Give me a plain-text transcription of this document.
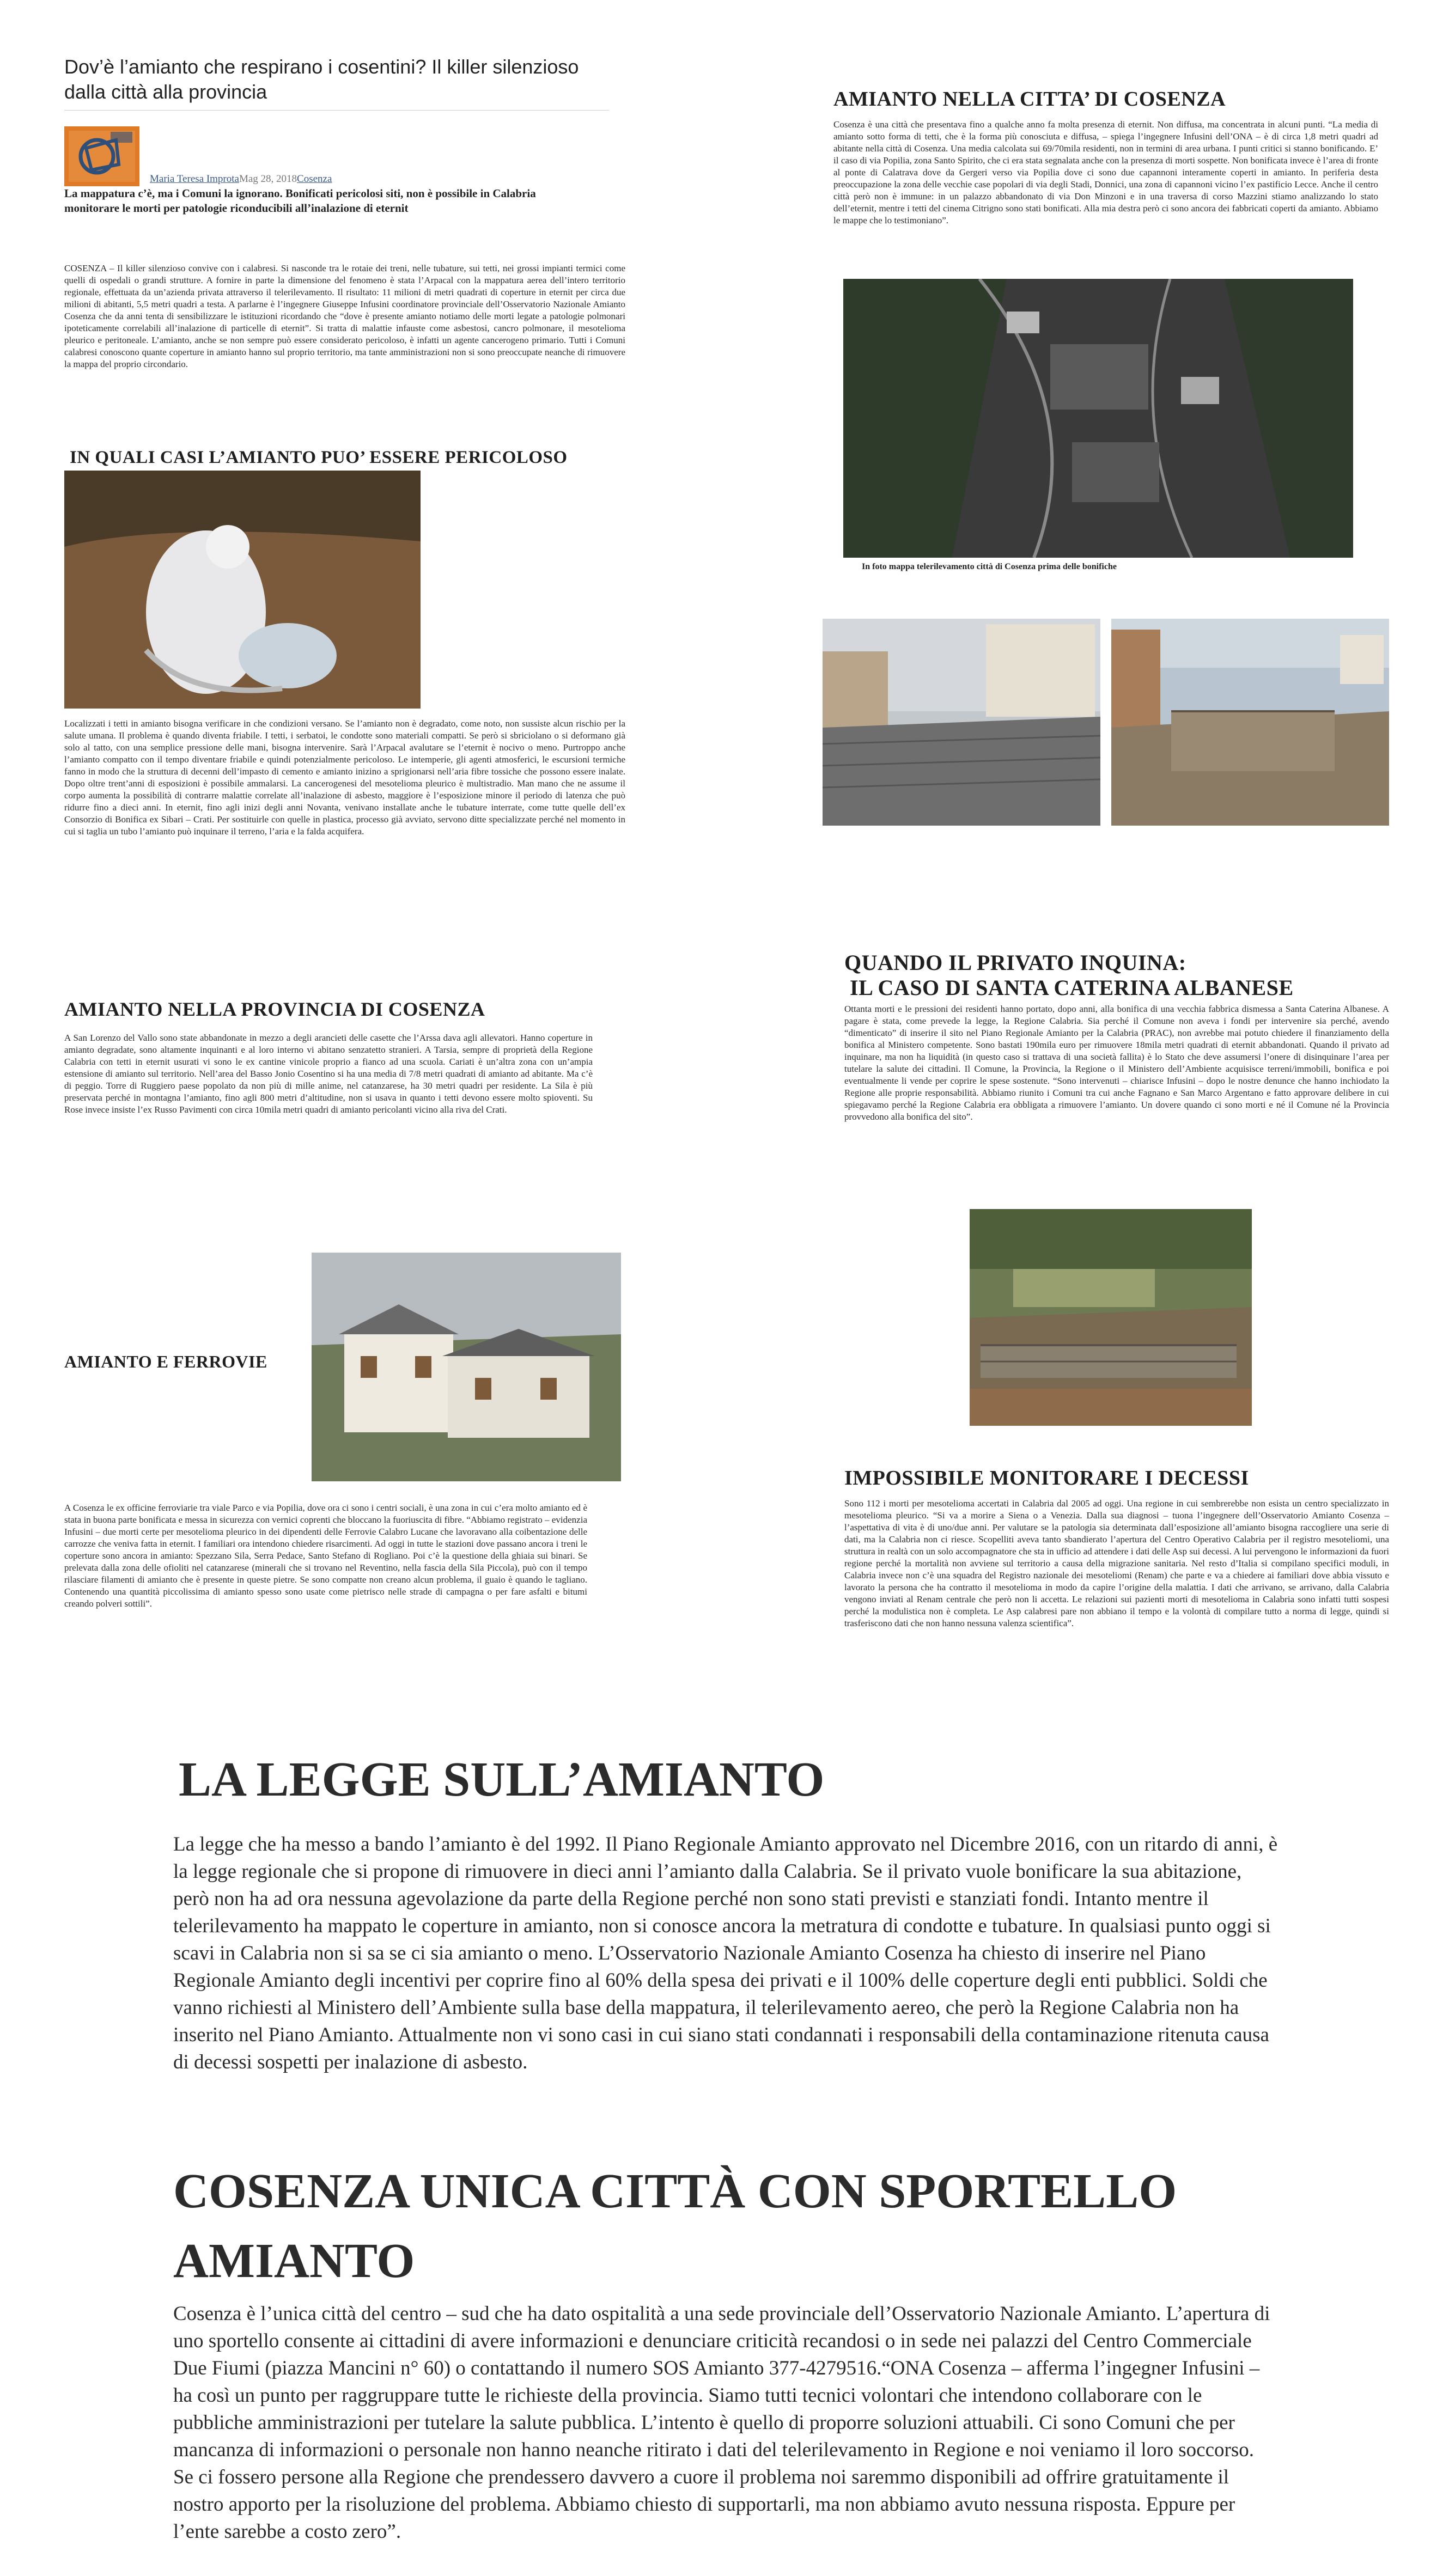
Dov’è l’amianto che respirano i cosentini? Il killer silenzioso dalla città alla provincia
Maria Teresa ImprotaMag 28, 2018Cosenza

La mappatura c’è, ma i Comuni la ignorano. Bonificati pericolosi siti, non è possibile in Calabria monitorare le morti per patologie riconducibili all’inalazione di eternit

COSENZA – Il killer silenzioso convive con i calabresi. Si nasconde tra le rotaie dei treni, nelle tubature, sui tetti, nei grossi impianti termici come quelli di ospedali o grandi strutture. A fornire in parte la dimensione del fenomeno è stata l’Arpacal con la mappatura aerea dell’intero territorio regionale, effettuata da un’azienda privata attraverso il telerilevamento. Il risultato: 11 milioni di metri quadrati di coperture in eternit per circa due milioni di abitanti, 5,5 metri quadri a testa. A parlarne è l’ingegnere Giuseppe Infusini coordinatore provinciale dell’Osservatorio Nazionale Amianto Cosenza che da anni tenta di sensibilizzare le istituzioni ricordando che “dove è presente amianto notiamo delle morti legate a patologie polmonari ipoteticamente correlabili all’inalazione di particelle di eternit”. Si tratta di malattie infauste come asbestosi, cancro polmonare, il mesotelioma pleurico e peritoneale. L’amianto, anche se non sempre può essere considerato pericoloso, è infatti un agente cancerogeno primario. Tutti i Comuni calabresi conoscono quante coperture in amianto hanno sul proprio territorio, ma tante amministrazioni non si sono preoccupate neanche di rimuovere la mappa del proprio circondario.

IN QUALI CASI L’AMIANTO PUO’ ESSERE PERICOLOSO

Localizzati i tetti in amianto bisogna verificare in che condizioni versano. Se l’amianto non è degradato, come noto, non sussiste alcun rischio per la salute umana. Il problema è quando diventa friabile. I tetti, i serbatoi, le condotte sono materiali compatti. Se però si sbriciolano o si deformano già solo al tatto, con una semplice pressione delle mani, bisogna intervenire. Sarà l’Arpacal avalutare se l’eternit è nocivo o meno. Purtroppo anche l’amianto compatto con il tempo diventare friabile e quindi potenzialmente pericoloso. Le intemperie, gli agenti atmosferici, le escursioni termiche fanno in modo che la struttura di decenni dell’impasto di cemento e amianto inizino a sprigionarsi nell’aria fibre tossiche che possono essere inalate. Dopo oltre trent’anni di esposizioni è possibile ammalarsi. La cancerogenesi del mesotelioma pleurico è multistradio. Man mano che ne assume il corpo aumenta la possibilità di contrarre malattie correlate all’inalazione di asbesto, maggiore è l’esposizione minore il periodo di latenza che può ridurre fino a dieci anni. In eternit, fino agli inizi degli anni Novanta, venivano installate anche le tubature interrate, come tutte quelle dell’ex Consorzio di Bonifica ex Sibari – Crati. Per sostituirle con quelle in plastica, processo già avviato, servono ditte specializzate perché nel momento in cui si taglia un tubo l’amianto può inquinare il terreno, l’aria e la falda acquifera.

AMIANTO NELLA PROVINCIA DI COSENZA

A San Lorenzo del Vallo sono state abbandonate in mezzo a degli arancieti delle casette che l’Arssa dava agli allevatori. Hanno coperture in amianto degradate, sono altamente inquinanti e al loro interno vi abitano senzatetto stranieri. A Tarsia, sempre di proprietà della Regione Calabria con tetti in eternit usurati vi sono le ex cantine vinicole proprio a fianco ad una scuola. Cariati è un’altra zona con un’ampia estensione di amianto sul territorio. Nell’area del Basso Jonio Cosentino si ha una media di 7/8 metri quadrati di amianto ad abitante. Ma c’è di peggio. Torre di Ruggiero paese popolato da non più di mille anime, nel catanzarese, ha 30 metri quadri per residente. La Sila è più preservata perché in montagna l’amianto, fino agli 800 metri d’altitudine, non si usava in quanto i tetti devono essere molto spioventi. Su Rose invece insiste l’ex Russo Pavimenti con circa 10mila metri quadri di amianto pericolanti vicino alla riva del Crati.

AMIANTO E FERROVIE

A Cosenza le ex officine ferroviarie tra viale Parco e via Popilia, dove ora ci sono i centri sociali, è una zona in cui c’era molto amianto ed è stata in buona parte bonificata e messa in sicurezza con vernici coprenti che bloccano la fuoriuscita di fibre. “Abbiamo registrato – evidenzia Infusini – due morti certe per mesotelioma pleurico in dei dipendenti delle Ferrovie Calabro Lucane che lavoravano alla coibentazione delle carrozze che veniva fatta in eternit. I familiari ora intendono chiedere risarcimenti. Ad oggi in tutte le stazioni dove passano ancora i treni le coperture sono ancora in amianto: Spezzano Sila, Serra Pedace, Santo Stefano di Rogliano. Poi c’è la questione della ghiaia sui binari. Se prelevata dalla zona delle ofioliti nel catanzarese (minerali che si trovano nel Reventino, nella fascia della Sila Piccola), può con il tempo rilasciare filamenti di amianto che è presente in queste pietre. Se sono compatte non creano alcun problema, il guaio è quando le tagliano. Contenendo una quantità piccolissima di amianto spesso sono usate come pietrisco nelle strade di campagna o per fare asfalti e bitumi creando polveri sottili”.

AMIANTO NELLA CITTA’ DI COSENZA

Cosenza è una città che presentava fino a qualche anno fa molta presenza di eternit. Non diffusa, ma concentrata in alcuni punti. “La media di amianto sotto forma di tetti, che è la forma più conosciuta e diffusa, – spiega l’ingegnere Infusini dell’ONA – è di circa 1,8 metri quadri ad abitante nella città di Cosenza. Una media calcolata sui 69/70mila residenti, non in termini di area urbana. I punti critici si stanno bonificando. E’ il caso di via Popilia, zona Santo Spirito, che ci era stata segnalata anche con la presenza di morti sospette. Non bonificata invece è l’area di fronte al ponte di Calatrava dove da Gergeri verso via Popilia dove ci sono due capannoni interamente coperti in amianto. In periferia desta preoccupazione la zona delle vecchie case popolari di via degli Stadi, Donnici, una zona di capannoni vicino l’ex pastificio Lecce. Anche il centro città però non è immune: in un palazzo abbandonato di via Don Minzoni e in una traversa di corso Mazzini stiamo analizzando lo stato dell’eternit, mentre i tetti del cinema Citrigno sono stati bonificati. Alla mia destra però ci sono ancora dei fabbricati coperti da amianto. Abbiamo le mappe che lo testimoniano”.

In foto mappa telerilevamento città di Cosenza prima delle bonifiche
QUANDO IL PRIVATO INQUINA:
IL CASO DI SANTA CATERINA ALBANESE

Ottanta morti e le pressioni dei residenti hanno portato, dopo anni, alla bonifica di una vecchia fabbrica dismessa a Santa Caterina Albanese. A pagare è stata, come prevede la legge, la Regione Calabria. Sia perché il Comune non aveva i fondi per intervenire sia perché, avendo “dimenticato” di inserire il sito nel Piano Regionale Amianto per la Calabria (PRAC), non avrebbe mai potuto chiedere il finanziamento della bonifica al Ministero competente. Sono bastati 190mila euro per rimuovere 18mila metri quadrati di eternit abbandonati. Quando il privato ad inquinare, ma non ha liquidità (in questo caso si trattava di una società fallita) è lo Stato che deve assumersi l’onere di disinquinare l’area per tutelare la salute dei cittadini. Il Comune, la Provincia, la Regione o il Ministero dell’Ambiente acquisisce terreni/immobili, bonifica e poi eventualmente li vende per coprire le spese sostenute. “Sono intervenuti – chiarisce Infusini – dopo le nostre denunce che hanno inchiodato la Regione alle proprie responsabilità. Abbiamo riunito i Comuni tra cui anche Fagnano e San Marco Argentano e fatto approvare delibere in cui spiegavamo perché la Regione Calabria era obbligata a rimuovere l’amianto. Un dovere quando ci sono morti e né il Comune né la Provincia provvedono alla bonifica del sito”.

IMPOSSIBILE MONITORARE I DECESSI

Sono 112 i morti per mesotelioma accertati in Calabria dal 2005 ad oggi. Una regione in cui sembrerebbe non esista un centro specializzato in mesotelioma pleurico. “Si va a morire a Siena o a Venezia. Dalla sua diagnosi – tuona l’ingegnere dell’Osservatorio Amianto Cosenza – l’aspettativa di vita è di uno/due anni. Per valutare se la patologia sia determinata dall’esposizione all’amianto bisogna raccogliere una serie di dati, ma la Calabria non ci riesce. Scopelliti aveva tanto sbandierato l’apertura del Centro Operativo Calabria per il registro mesoteliomi, una struttura in realtà con un solo accompagnatore che sta in ufficio ad attendere i dati delle Asp sui decessi. A lui pervengono le informazioni da fuori regione perché la mortalità non avviene sul territorio a causa della migrazione sanitaria. Nel resto d’Italia si compilano specifici moduli, in Calabria invece non c’è una squadra del Registro nazionale dei mesoteliomi (Renam) che parte e va a chiedere ai familiari dove abbia vissuto e lavorato la persona che ha contratto il mesotelioma in modo da capire l’origine della malattia. I dati che arrivano, se arrivano, dalla Calabria vengono inviati al Renam centrale che però non li accetta. Le relazioni sui pazienti morti di mesotelioma in Calabria sono infatti tutti sospesi perché la modulistica non è completa. Le Asp calabresi pare non abbiano il tempo e la volontà di compilare tutto a norma di legge, quindi si trasferiscono dati che non hanno nessuna valenza scientifica”.

LA LEGGE SULL’AMIANTO

La legge che ha messo a bando l’amianto è del 1992. Il Piano Regionale Amianto approvato nel Dicembre 2016, con un ritardo di anni, è la legge regionale che si propone di rimuovere in dieci anni l’amianto dalla Calabria. Se il privato vuole bonificare la sua abitazione, però non ha ad ora nessuna agevolazione da parte della Regione perché non sono stati previsti e stanziati fondi. Intanto mentre il telerilevamento ha mappato le coperture in amianto, non si conosce ancora la metratura di condotte e tubature. In qualsiasi punto oggi si scavi in Calabria non si sa se ci sia amianto o meno. L’Osservatorio Nazionale Amianto Cosenza ha chiesto di inserire nel Piano Regionale Amianto degli incentivi per coprire fino al 60% della spesa dei privati e il 100% delle coperture degli enti pubblici. Soldi che vanno richiesti al Ministero dell’Ambiente sulla base della mappatura, il telerilevamento aereo, che però la Regione Calabria non ha inserito nel Piano Amianto. Attualmente non vi sono casi in cui siano stati condannati i responsabili della contaminazione ritenuta causa di decessi sospetti per inalazione di asbesto.

COSENZA UNICA CITTÀ CON SPORTELLO AMIANTO

Cosenza è l’unica città del centro – sud che ha dato ospitalità a una sede provinciale dell’Osservatorio Nazionale Amianto. L’apertura di uno sportello consente ai cittadini di avere informazioni e denunciare criticità recandosi o in sede nei palazzi del Centro Commerciale Due Fiumi (piazza Mancini n° 60) o contattando il numero SOS Amianto 377-4279516.“ONA Cosenza – afferma l’ingegner Infusini – ha così un punto per raggruppare tutte le richieste della provincia. Siamo tutti tecnici volontari che intendono collaborare con le pubbliche amministrazioni per tutelare la salute pubblica. L’intento è quello di proporre soluzioni attuabili. Ci sono Comuni che per mancanza di informazioni o personale non hanno neanche ritirato i dati del telerilevamento in Regione e noi veniamo il loro soccorso. Se ci fossero persone alla Regione che prendessero davvero a cuore il problema noi saremmo disponibili ad offrire gratuitamente il nostro apporto per la risoluzione del problema. Abbiamo chiesto di supportarli, ma non abbiamo avuto nessuna risposta. Eppure per l’ente sarebbe a costo zero”.
